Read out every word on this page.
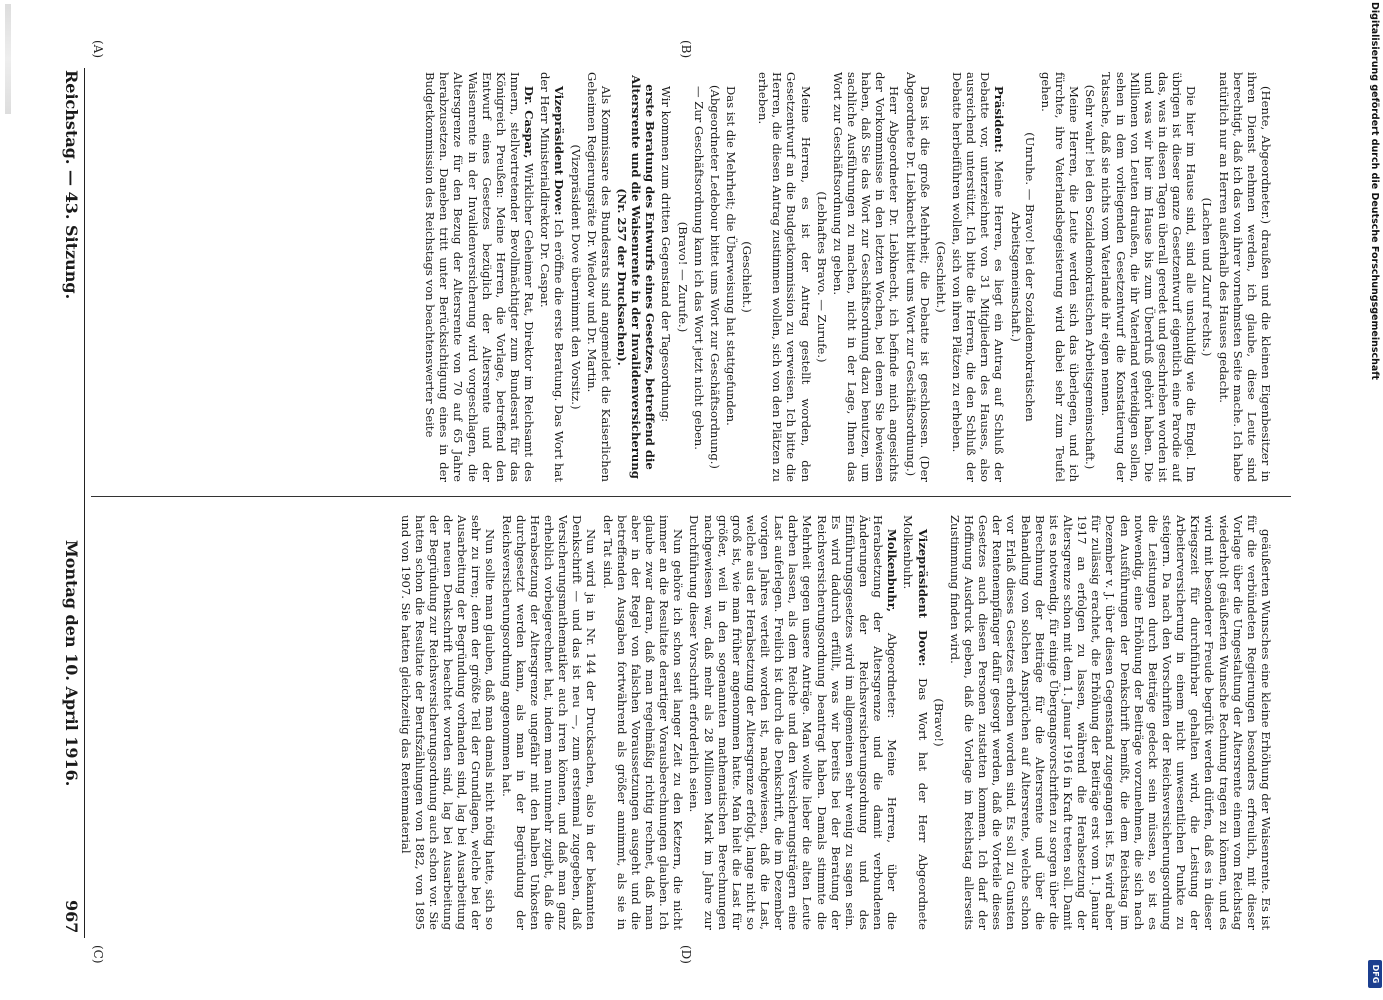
Reichstag. — 43. Sitzung.
Montag den 10. April 1916.
967
(A)	(B)
(C)	(D)

(Hente, Abgeordneter.) draußen und die kleinen Eigenbesitzer in ihren Dienst nehmen werden, ich glaube, diese Leute sind berechtigt, daß ich das von ihrer vornehmsten Seite mache. Ich habe natürlich nur an Herren außerhalb des Hauses gedacht.

(Lachen und Zuruf rechts.)

Die hier im Hause sind, sind alle unschuldig wie die Engel. Im übrigen ist dieser ganze Gesetzentwurf eigentlich eine Parodie auf das, was in diesen Tagen überall geredet und geschrieben worden ist und was wir hier im Hause bis zum Überdruß gehört haben. Die Millionen von Leuten draußen, die ihr Vaterland verteidigen sollen, sehen in dem vorliegenden Gesetzentwurf die Konstatierung der Tatsache, daß sie nichts vom Vaterlande ihr eigen nennen.

(Sehr wahr! bei den Sozialdemokratischen Arbeitsgemeinschaft.)

Meine Herren, die Leute werden sich das überlegen, und ich fürchte, ihre Vaterlandsbegeisterung wird dabei sehr zum Teufel gehen.

(Unruhe. — Bravo! bei der Sozialdemokratischen Arbeitsgemeinschaft.)

Präsident: Meine Herren, es liegt ein Antrag auf Schluß der Debatte vor, unterzeichnet von 31 Mitgliedern des Hauses, also ausreichend unterstützt. Ich bitte die Herren, die den Schluß der Debatte herbeiführen wollen, sich von ihren Plätzen zu erheben.

(Geschieht.)

Das ist die große Mehrheit; die Debatte ist geschlossen. (Der Abgeordnete Dr. Liebknecht bittet ums Wort zur Geschäftsordnung.)

Herr Abgeordneter Dr. Liebknecht, ich befinde mich angesichts der Vorkommnisse in den letzten Wochen, bei denen Sie bewiesen haben, daß Sie das Wort zur Geschäftsordnung dazu benutzen, um sachliche Ausführungen zu machen, nicht in der Lage, Ihnen das Wort zur Geschäftsordnung zu geben.

(Lebhaftes Bravo. — Zurufe.)

Meine Herren, es ist der Antrag gestellt worden, den Gesetzentwurf an die Budgetkommission zu verweisen. Ich bitte die Herren, die diesen Antrag zustimmen wollen, sich von den Plätzen zu erheben.

(Geschieht.)

Das ist die Mehrheit; die Überweisung hat stattgefunden.

(Abgeordneter Ledebour bittet ums Wort zur Geschäftsordnung.)

— Zur Geschäftsordnung kann ich das Wort jetzt nicht geben.

(Bravo! — Zurufe.)

Wir kommen zum dritten Gegenstand der Tagesordnung:

erste Beratung des Entwurfs eines Gesetzes, betreffend die Altersrente und die Waisenrente in der Invalidenversicherung (Nr. 257 der Drucksachen).

Als Kommissare des Bundesrats sind angemeldet die Kaiserlichen Geheimen Regierungsräte Dr. Wiedow und Dr. Martin.

(Vizepräsident Dove übernimmt den Vorsitz.)

Vizepräsident Dove: Ich eröffne die erste Beratung. Das Wort hat der Herr Ministerialdirektor Dr. Caspar.

Dr. Caspar, Wirklicher Geheimer Rat, Direktor im Reichsamt des Innern, stellvertretender Bevollmächtigter zum Bundesrat für das Königreich Preußen: Meine Herren, die Vorlage, betreffend den Entwurf eines Gesetzes bezüglich der Altersrente und der Waisenrente in der Invalidenversicherung wird vorgeschlagen, die Altersgrenze für den Bezug der Altersrente von 70 auf 65 Jahre herabzusetzen. Daneben tritt unter Berücksichtigung eines in der Budgetkommission des Reichstags von beachtenswerter Seite

geäußerten Wunsches eine kleine Erhöhung der Waisenrente. Es ist für die verbündeten Regierungen besonders erfreulich, mit dieser Vorlage über die Umgestaltung der Altersrente einem vom Reichstag wiederholt geäußerten Wunsche Rechnung tragen zu können, und es wird mit besonderer Freude begrüßt werden dürfen, daß es in dieser Kriegszeit für durchführbar gehalten wird, die Leistung der Arbeiterversicherung in einem nicht unwesentlichen Punkte zu steigern. Da nach den Vorschriften der Reichsversicherungsordnung die Leistungen durch Beiträge gedeckt sein müssen, so ist es notwendig, eine Erhöhung der Beiträge vorzunehmen, die sich nach den Ausführungen der Denkschrift bemißt, die dem Reichstag im Dezember v. J. über diesen Gegenstand zugegangen ist. Es wird aber für zulässig erachtet, die Erhöhung der Beiträge erst vom 1. Januar 1917 an erfolgen zu lassen, während die Herabsetzung der Altersgrenze schon mit dem 1. Januar 1916 in Kraft treten soll. Damit ist es notwendig, für einige Übergangsvorschriften zu sorgen über die Berechnung der Beiträge für die Altersrente und über die Behandlung von solchen Ansprüchen auf Altersrente, welche schon vor Erlaß dieses Gesetzes erhoben worden sind. Es soll zu Gunsten der Rentenempfänger dafür gesorgt werden, daß die Vorteile dieses Gesetzes auch diesen Personen zustatten kommen. Ich darf der Hoffnung Ausdruck geben, daß die Vorlage im Reichstag allerseits Zustimmung finden wird.

(Bravo!)

Vizepräsident Dove: Das Wort hat der Herr Abgeordnete Molkenbuhr.

Molkenbuhr, Abgeordneter: Meine Herren, über die Herabsetzung der Altersgrenze und die damit verbundenen Änderungen der Reichsversicherungsordnung und des Einführungsgesetzes wird im allgemeinen sehr wenig zu sagen sein. Es wird dadurch erfüllt, was wir bereits bei der Beratung der Reichsversicherungsordnung beantragt haben. Damals stimmte die Mehrheit gegen unsere Anträge. Man wollte lieber die alten Leute darben lassen, als dem Reiche und den Versicherungsträgern eine Last auferlegen. Freilich ist durch die Denkschrift, die im Dezember vorigen Jahres verteilt worden ist, nachgewiesen, daß die Last, welche aus der Herabsetzung der Altersgrenze erfolgt, lange nicht so groß ist, wie man früher angenommen hatte. Man hielt die Last für größer, weil in den sogenannten mathematischen Berechnungen nachgewiesen war, daß mehr als 28 Millionen Mark im Jahre zur Durchführung dieser Vorschrift erforderlich seien.

Nun gehöre ich schon seit langer Zeit zu den Ketzern, die nicht immer an die Resultate derartiger Vorausberechnungen glauben. Ich glaube zwar daran, daß man regelmäßig richtig rechnet, daß man aber in der Regel von falschen Voraussetzungen ausgeht und die betreffenden Ausgaben fortwährend als größer annimmt, als sie in der Tat sind.

Nun wird ja in Nr. 144 der Drucksachen, also in der bekannten Denkschrift — und das ist neu —, zum erstenmal zugegeben, daß Versicherungsmathematiker auch irren können, und daß man ganz erheblich vorbeigerechnet hat, indem man nunmehr zugibt, daß die Herabsetzung der Altersgrenze ungefähr mit den halben Unkosten durchgesetzt werden kann, als man in der Begründung der Reichsversicherungsordnung angenommen hat.

Nun sollte man glauben, daß man damals nicht nötig hatte, sich so sehr zu irren; denn der größte Teil der Grundlagen, welche bei der Ausarbeitung der Begründung vorhanden sind, lag bei Ausarbeitung der neuen Denkschrift beachtet worden sind, lag bei Ausarbeitung der Begründung zur Reichsversicherungsordnung auch schon vor. Sie hatten schon die Resultate der Berufszählungen von 1882, von 1895 und von 1907. Sie hatten gleichzeitig das Rentenmaterial

Digitalisierung gefördert durch die Deutsche Forschungsgemeinschaft
DFG
